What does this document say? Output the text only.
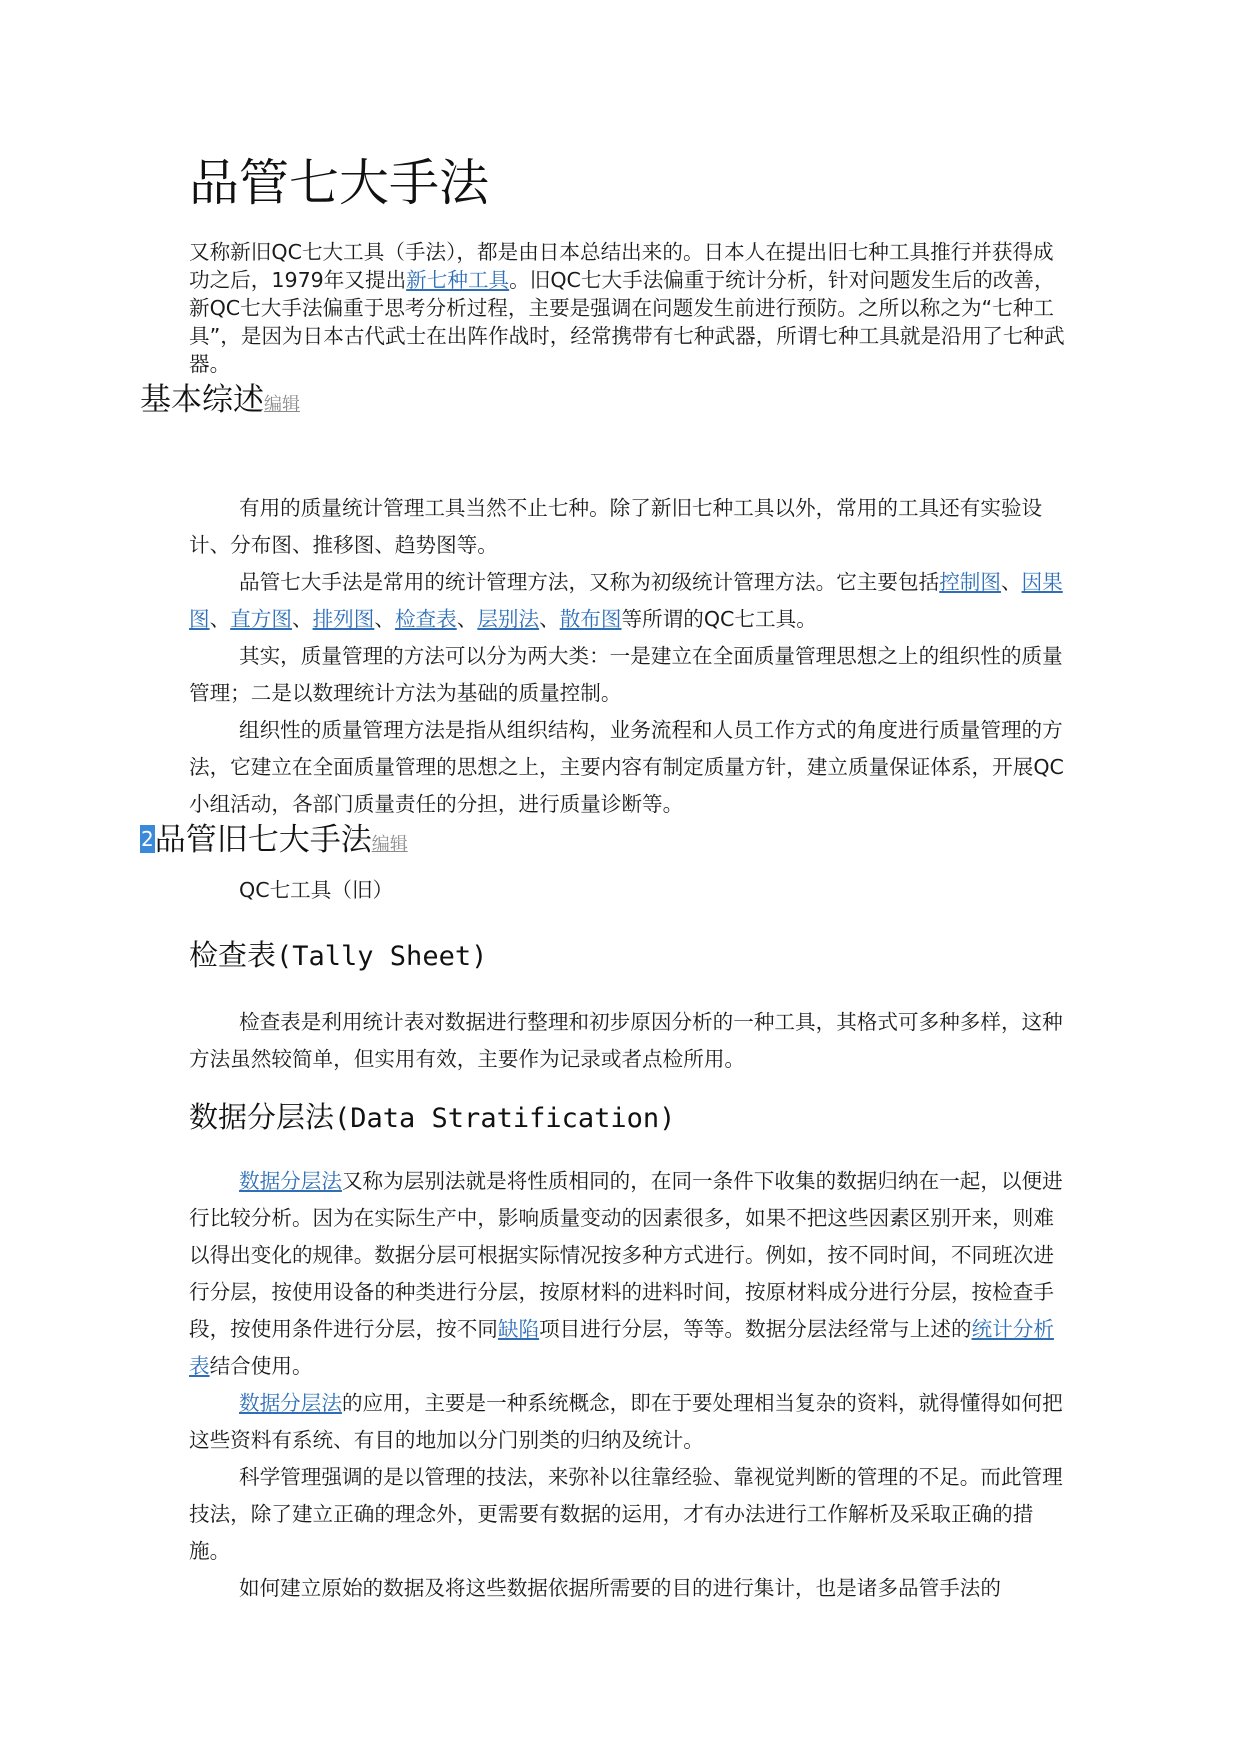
品管七大手法
又称新旧QC七大工具（手法），都是由日本总结出来的。日本人在提出旧七种工具推行并获得成功之后，1979年又提出新七种工具。旧QC七大手法偏重于统计分析，针对问题发生后的改善，新QC七大手法偏重于思考分析过程，主要是强调在问题发生前进行预防。之所以称之为“七种工具”，是因为日本古代武士在出阵作战时，经常携带有七种武器，所谓七种工具就是沿用了七种武器。
基本综述编辑

有用的质量统计管理工具当然不止七种。除了新旧七种工具以外，常用的工具还有实验设计、分布图、推移图、趋势图等。

品管七大手法是常用的统计管理方法，又称为初级统计管理方法。它主要包括控制图、因果图、直方图、排列图、检查表、层别法、散布图等所谓的QC七工具。

其实，质量管理的方法可以分为两大类：一是建立在全面质量管理思想之上的组织性的质量管理；二是以数理统计方法为基础的质量控制。

组织性的质量管理方法是指从组织结构，业务流程和人员工作方式的角度进行质量管理的方法，它建立在全面质量管理的思想之上，主要内容有制定质量方针，建立质量保证体系，开展QC小组活动，各部门质量责任的分担，进行质量诊断等。

2品管旧七大手法编辑
QC七工具（旧）
检查表(Tally Sheet)

检查表是利用统计表对数据进行整理和初步原因分析的一种工具，其格式可多种多样，这种方法虽然较简单，但实用有效，主要作为记录或者点检所用。

数据分层法(Data Stratification)

数据分层法又称为层别法就是将性质相同的，在同一条件下收集的数据归纳在一起，以便进行比较分析。因为在实际生产中，影响质量变动的因素很多，如果不把这些因素区别开来，则难以得出变化的规律。数据分层可根据实际情况按多种方式进行。例如，按不同时间，不同班次进行分层，按使用设备的种类进行分层，按原材料的进料时间，按原材料成分进行分层，按检查手段，按使用条件进行分层，按不同缺陷项目进行分层，等等。数据分层法经常与上述的统计分析表结合使用。

数据分层法的应用，主要是一种系统概念，即在于要处理相当复杂的资料，就得懂得如何把这些资料有系统、有目的地加以分门别类的归纳及统计。

科学管理强调的是以管理的技法，来弥补以往靠经验、靠视觉判断的管理的不足。而此管理技法，除了建立正确的理念外，更需要有数据的运用，才有办法进行工作解析及采取正确的措施。

如何建立原始的数据及将这些数据依据所需要的目的进行集计，也是诸多品管手法的
